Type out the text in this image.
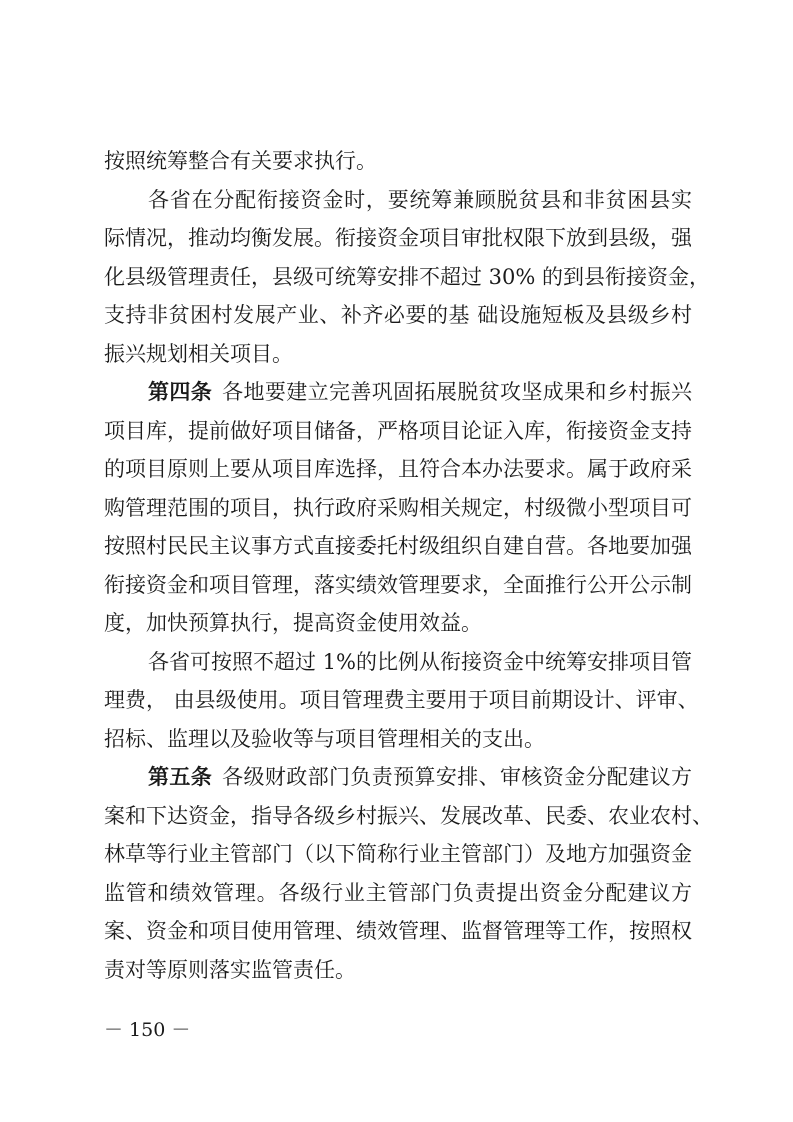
按照统筹整合有关要求执行。
各省在分配衔接资金时，要统筹兼顾脱贫县和非贫困县实
际情况，推动均衡发展。衔接资金项目审批权限下放到县级，强
化县级管理责任，县级可统筹安排不超过 30% 的到县衔接资金，
支持非贫困村发展产业、补齐必要的基 础设施短板及县级乡村
振兴规划相关项目。
第四条 各地要建立完善巩固拓展脱贫攻坚成果和乡村振兴
项目库，提前做好项目储备，严格项目论证入库，衔接资金支持
的项目原则上要从项目库选择，且符合本办法要求。属于政府采
购管理范围的项目，执行政府采购相关规定，村级微小型项目可
按照村民民主议事方式直接委托村级组织自建自营。各地要加强
衔接资金和项目管理，落实绩效管理要求，全面推行公开公示制
度，加快预算执行，提高资金使用效益。
各省可按照不超过 1%的比例从衔接资金中统筹安排项目管
理费， 由县级使用。项目管理费主要用于项目前期设计、评审、
招标、监理以及验收等与项目管理相关的支出。
第五条 各级财政部门负责预算安排、审核资金分配建议方
案和下达资金，指导各级乡村振兴、发展改革、民委、农业农村、
林草等行业主管部门（以下简称行业主管部门）及地方加强资金
监管和绩效管理。各级行业主管部门负责提出资金分配建议方
案、资金和项目使用管理、绩效管理、监督管理等工作，按照权
责对等原则落实监管责任。
－ 150 －
